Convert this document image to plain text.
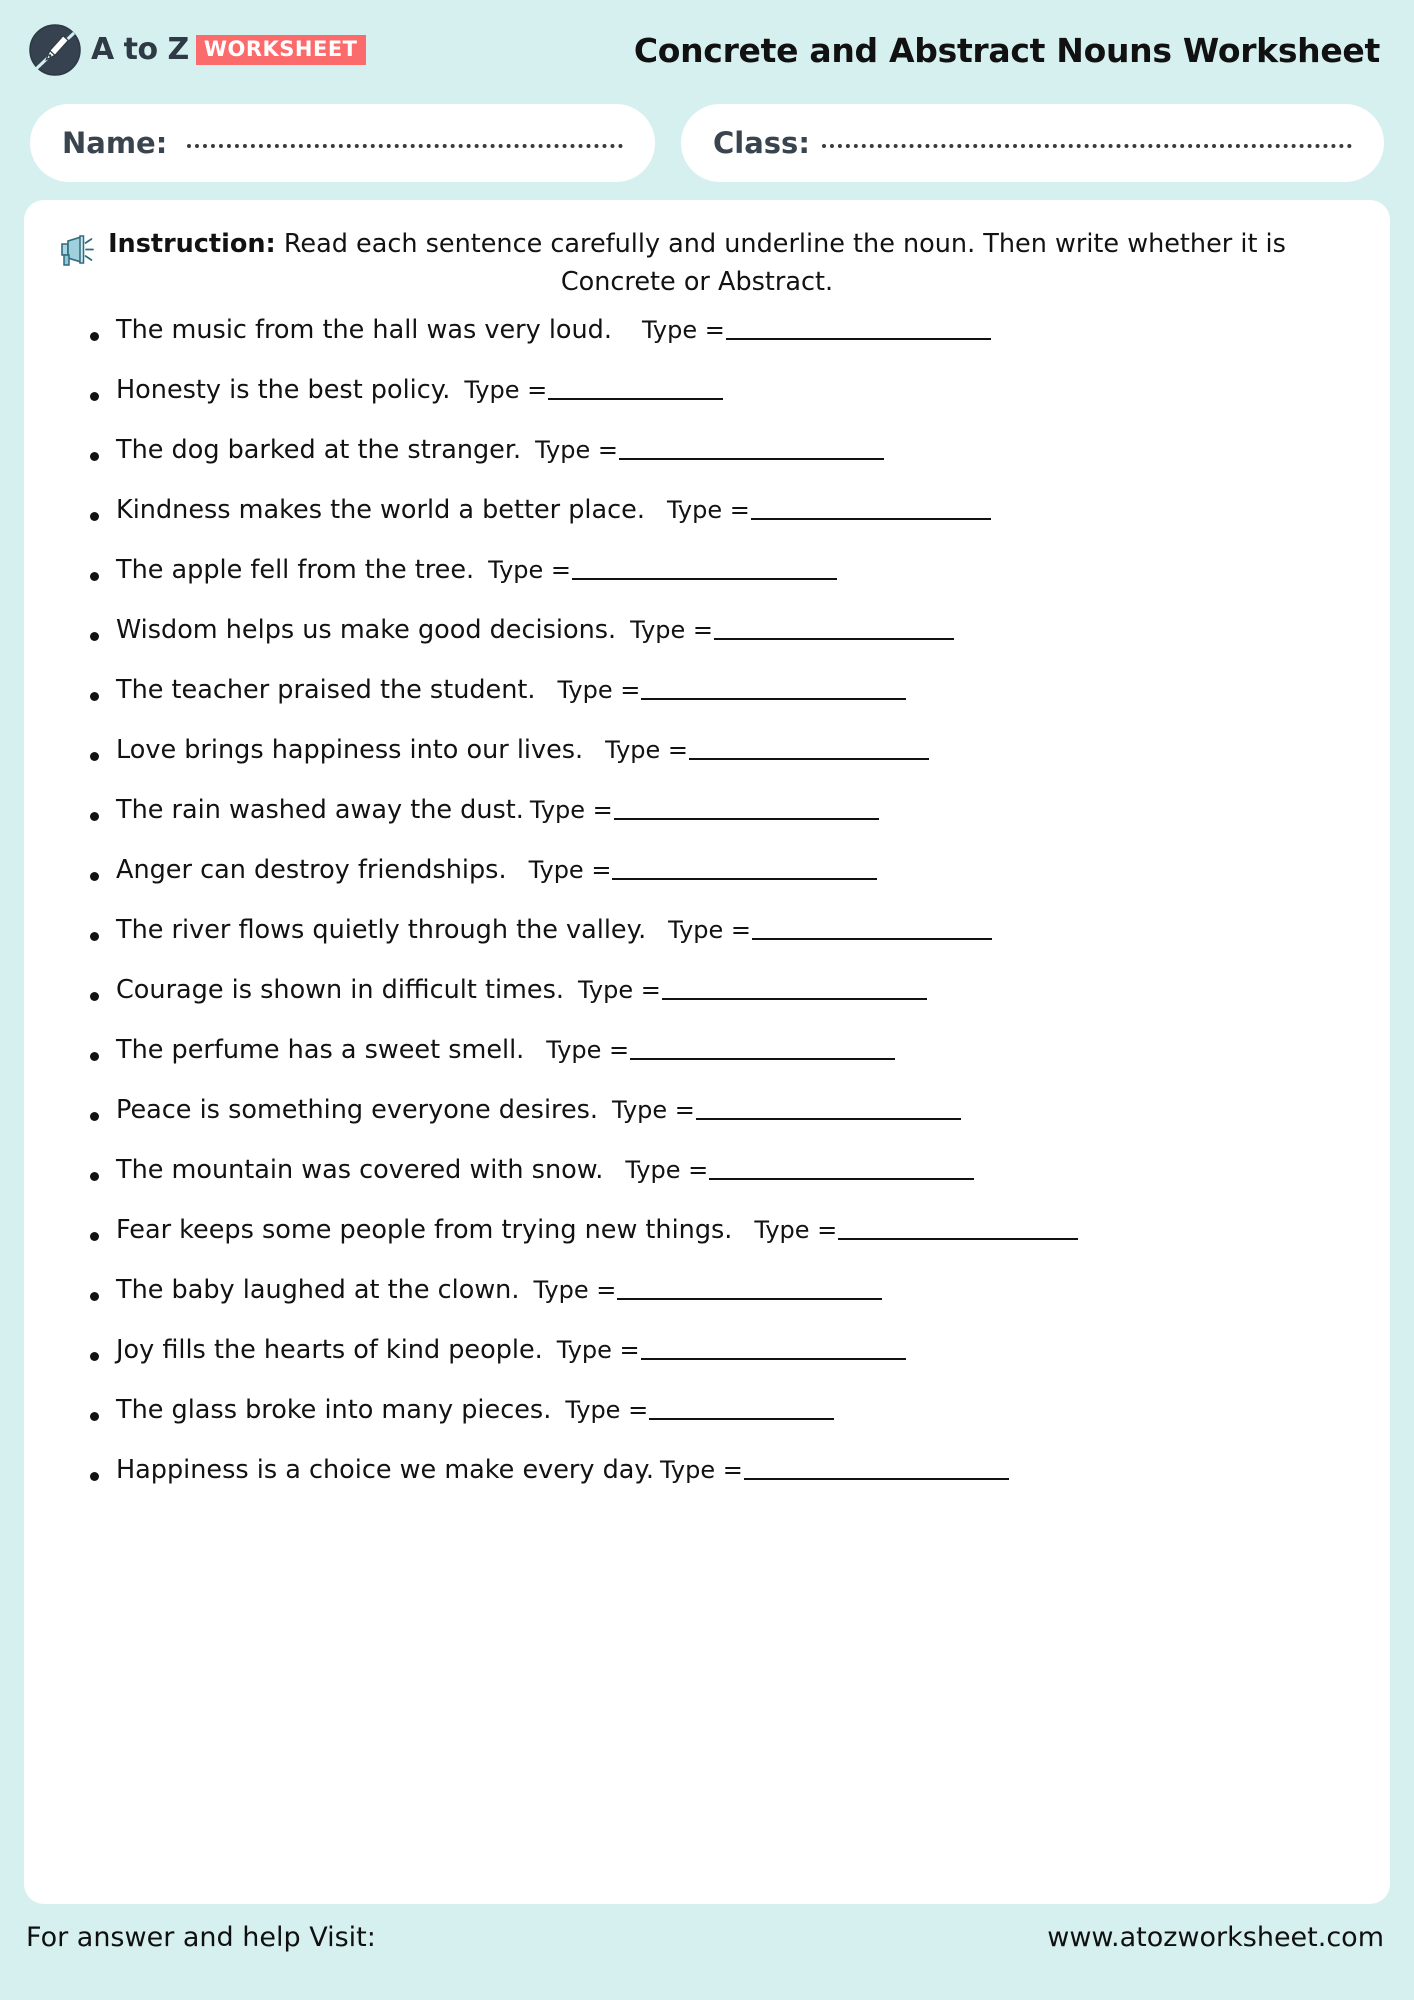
A to Z WORKSHEET	Concrete and Abstract Nouns Worksheet
Name:	Class:
Instruction: Read each sentence carefully and underline the noun. Then write whether it is Concrete or Abstract.
The music from the hall was very loud. Type =
Honesty is the best policy. Type =
The dog barked at the stranger. Type =
Kindness makes the world a better place. Type =
The apple fell from the tree. Type =
Wisdom helps us make good decisions. Type =
The teacher praised the student. Type =
Love brings happiness into our lives. Type =
The rain washed away the dust. Type =
Anger can destroy friendships. Type =
The river flows quietly through the valley. Type =
Courage is shown in difficult times. Type =
The perfume has a sweet smell. Type =
Peace is something everyone desires. Type =
The mountain was covered with snow. Type =
Fear keeps some people from trying new things. Type =
The baby laughed at the clown. Type =
Joy fills the hearts of kind people. Type =
The glass broke into many pieces. Type =
Happiness is a choice we make every day. Type =
For answer and help Visit:	www.atozworksheet.com
